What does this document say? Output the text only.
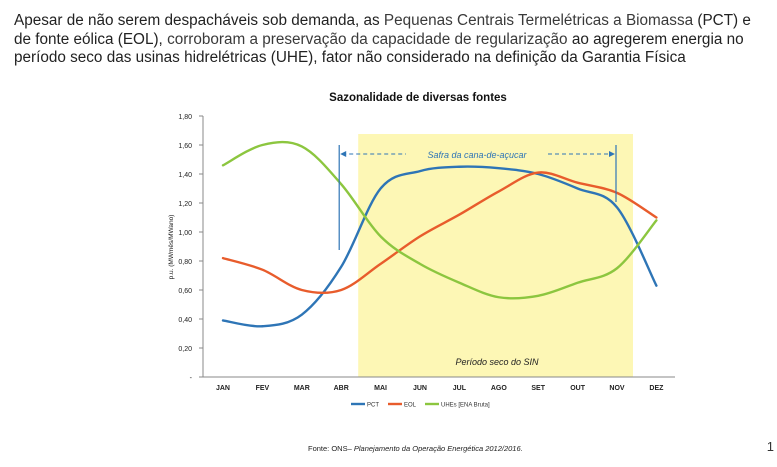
Apesar de não serem despacháveis sob demanda, as Pequenas Centrais Termelétricas a Biomassa (PCT) e de fonte eólica (EOL), corroboram a preservação da capacidade de regularização ao agregerem energia no período seco das usinas hidrelétricas (UHE), fator não considerado na definição da Garantia Física
Sazonalidade de diversas fontes
-
0,20
0,40
0,60
0,80
1,00
1,20
1,40
1,60
1,80
p.u. (MWmês/MWano)
JAN	FEV	MAR	ABR	MAI	JUN	JUL	AGO	SET	OUT	NOV	DEZ
Safra da cana-de-açucar
Período seco do SIN
PCT	EOL	UHEs [ENA Bruta]
Fonte: ONS– Planejamento da Operação Energética 2012/2016.	1
